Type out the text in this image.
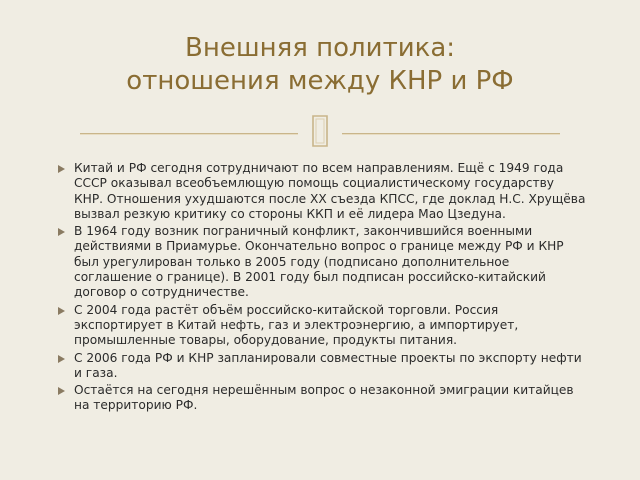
Внешняя политика:
отношения между КНР и РФ
Китай и РФ сегодня сотрудничают по всем направлениям. Ещё с 1949 года СССР оказывал всеобъемлющую помощь социалистическому государству КНР. Отношения ухудшаются после XX съезда КПСС, где доклад Н.С. Хрущёва вызвал резкую критику со стороны ККП и её лидера Мао Цзедуна.
В 1964 году возник пограничный конфликт, закончившийся военными действиями в Приамурье. Окончательно вопрос о границе между РФ и КНР был урегулирован только в 2005 году (подписано дополнительное соглашение о границе). В 2001 году был подписан российско-китайский договор о сотрудничестве.
С 2004 года растёт объём российско-китайской торговли. Россия экспортирует в Китай нефть, газ и электроэнергию, а импортирует, промышленные товары, оборудование, продукты питания.
С 2006 года РФ и КНР запланировали совместные проекты по экспорту нефти и газа.
Остаётся на сегодня нерешённым вопрос о незаконной эмиграции китайцев на территорию РФ.
